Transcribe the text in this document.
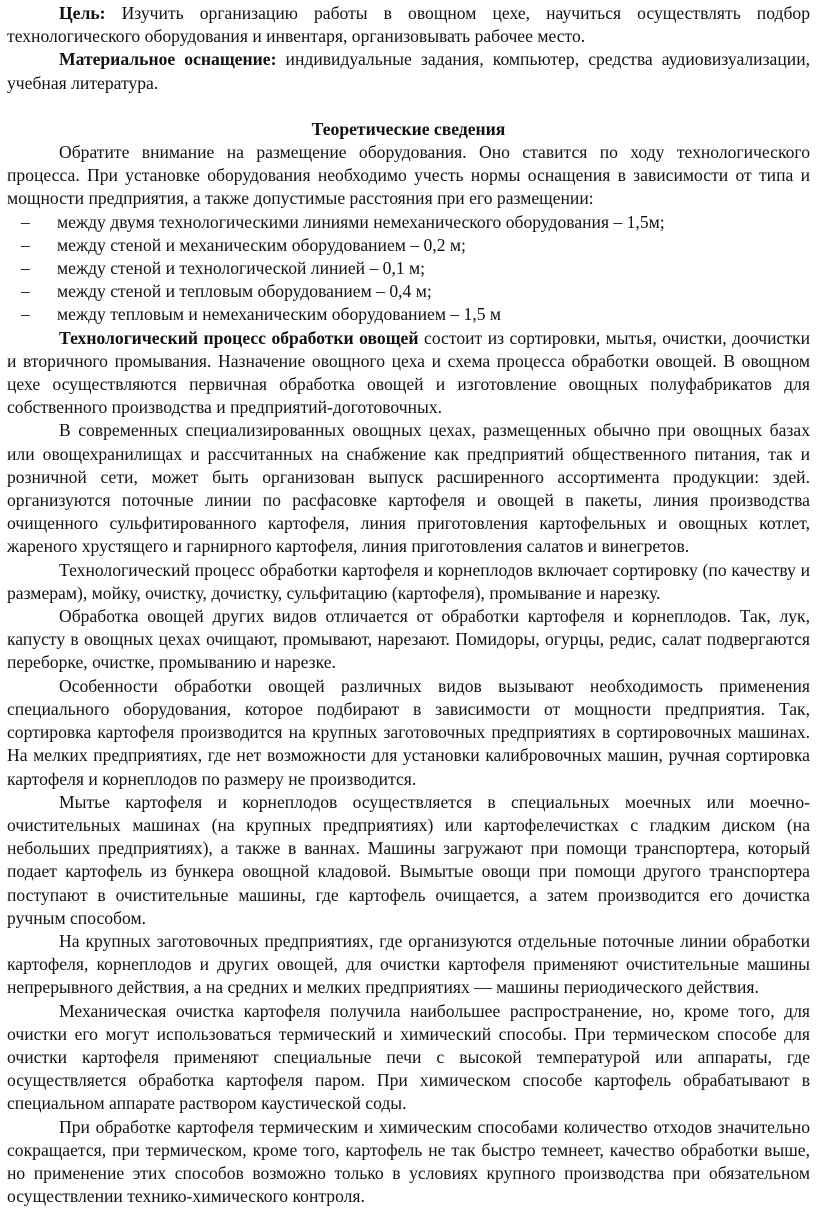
Цель: Изучить организацию работы в овощном цехе, научиться осуществлять подбор технологического оборудования и инвентаря, организовывать рабочее место.

Материальное оснащение: индивидуальные задания, компьютер, средства аудиовизуализации, учебная литература.

Теоретические сведения

Обратите внимание на размещение оборудования. Оно ставится по ходу технологического процесса. При установке оборудования необходимо учесть нормы оснащения в зависимости от типа и мощности предприятия, а также допустимые расстояния при его размещении:

– между двумя технологическими линиями немеханического оборудования – 1,5м;
– между стеной и механическим оборудованием – 0,2 м;
– между стеной и технологической линией – 0,1 м;
– между стеной и тепловым оборудованием – 0,4 м;
– между тепловым и немеханическим оборудованием – 1,5 м

Технологический процесс обработки овощей состоит из сортировки, мытья, очистки, доочистки и вторичного промывания. Назначение овощного цеха и схема процесса обработки овощей. В овощном цехе осуществляются первичная обработка овощей и изготовление овощных полуфабрикатов для собственного производства и предприятий-доготовочных.

В современных специализированных овощных цехах, размещенных обычно при овощных базах или овощехранилищах и рассчитанных на снабжение как предприятий общественного питания, так и розничной сети, может быть организован выпуск расширенного ассортимента продукции: здей. организуются поточные линии по расфасовке картофеля и овощей в пакеты, линия производства очищенного сульфитированного картофеля, линия приготовления картофельных и овощных котлет, жареного хрустящего и гарнирного картофеля, линия приготовления салатов и винегретов.

Технологический процесс обработки картофеля и корнеплодов включает сортировку (по качеству и размерам), мойку, очистку, дочистку, сульфитацию (картофеля), промывание и нарезку.

Обработка овощей других видов отличается от обработки картофеля и корнеплодов. Так, лук, капусту в овощных цехах очищают, промывают, нарезают. Помидоры, огурцы, редис, салат подвергаются переборке, очистке, промыванию и нарезке.

Особенности обработки овощей различных видов вызывают необходимость применения специального оборудования, которое подбирают в зависимости от мощности предприятия. Так, сортировка картофеля производится на крупных заготовочных предприятиях в сортировочных машинах. На мелких предприятиях, где нет возможности для установки калибровочных машин, ручная сортировка картофеля и корнеплодов по размеру не производится.

Мытье картофеля и корнеплодов осуществляется в специальных моечных или моечно-очистительных машинах (на крупных предприятиях) или картофелечистках с гладким диском (на небольших предприятиях), а также в ваннах. Машины загружают при помощи транспортера, который подает картофель из бункера овощной кладовой. Вымытые овощи при помощи другого транспортера поступают в очистительные машины, где картофель очищается, а затем производится его дочистка ручным способом.

На крупных заготовочных предприятиях, где организуются отдельные поточные линии обработки картофеля, корнеплодов и других овощей, для очистки картофеля применяют очистительные машины непрерывного действия, а на средних и мелких предприятиях — машины периодического действия.

Механическая очистка картофеля получила наибольшее распространение, но, кроме того, для очистки его могут использоваться термический и химический способы. При термическом способе для очистки картофеля применяют специальные печи с высокой температурой или аппараты, где осуществляется обработка картофеля паром. При химическом способе картофель обрабатывают в специальном аппарате раствором каустической соды.

При обработке картофеля термическим и химическим способами количество отходов значительно сокращается, при термическом, кроме того, картофель не так быстро темнеет, качество обработки выше, но применение этих способов возможно только в условиях крупного производства при обязательном осуществлении технико-химического контроля.
